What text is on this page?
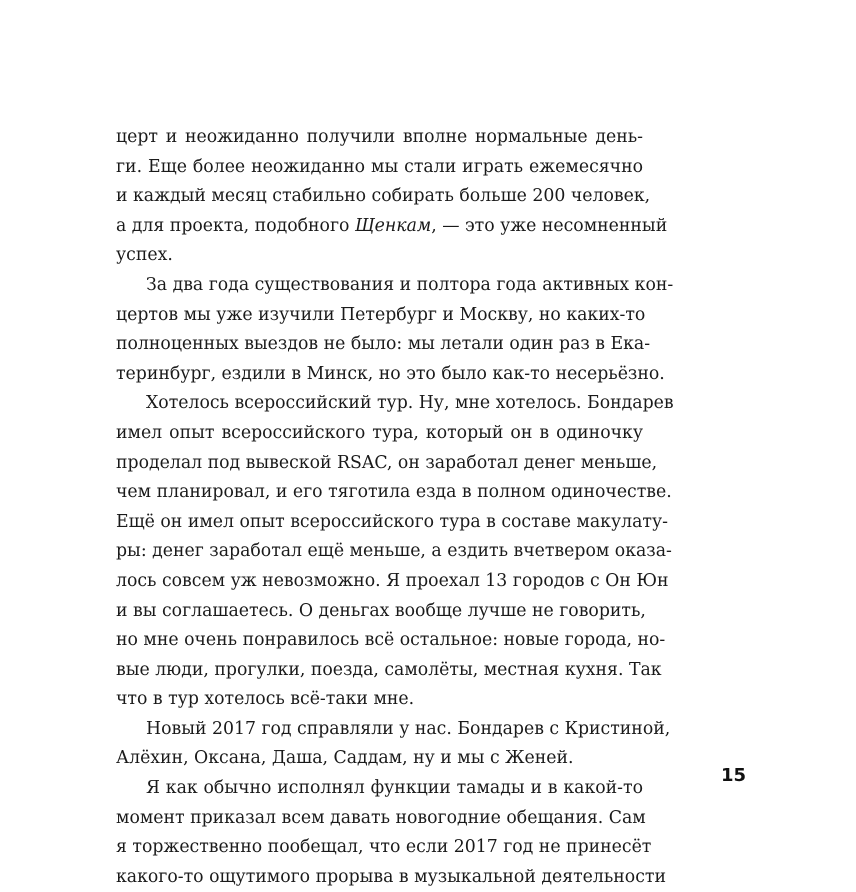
церт и неожиданно получили вполне нормальные день-
ги. Еще более неожиданно мы стали играть ежемесячно
и каждый месяц стабильно собирать больше 200 человек,
а для проекта, подобного Щенкам, — это уже несомненный
успех.
За два года существования и полтора года активных кон-
цертов мы уже изучили Петербург и Москву, но каких-то
полноценных выездов не было: мы летали один раз в Ека-
теринбург, ездили в Минск, но это было как-то несерьёзно.
Хотелось всероссийский тур. Ну, мне хотелось. Бондарев
имел опыт всероссийского тура, который он в одиночку
проделал под вывеской RSAC, он заработал денег меньше,
чем планировал, и его тяготила езда в полном одиночестве.
Ещё он имел опыт всероссийского тура в составе макулату-
ры: денег заработал ещё меньше, а ездить вчетвером оказа-
лось совсем уж невозможно. Я проехал 13 городов с Он Юн
и вы соглашаетесь. О деньгах вообще лучше не говорить,
но мне очень понравилось всё остальное: новые города, но-
вые люди, прогулки, поезда, самолёты, местная кухня. Так
что в тур хотелось всё-таки мне.
Новый 2017 год справляли у нас. Бондарев с Кристиной,
Алёхин, Оксана, Даша, Саддам, ну и мы с Женей.
Я как обычно исполнял функции тамады и в какой-то
момент приказал всем давать новогодние обещания. Сам
я торжественно пообещал, что если 2017 год не принесёт
какого-то ощутимого прорыва в музыкальной деятельности
15
